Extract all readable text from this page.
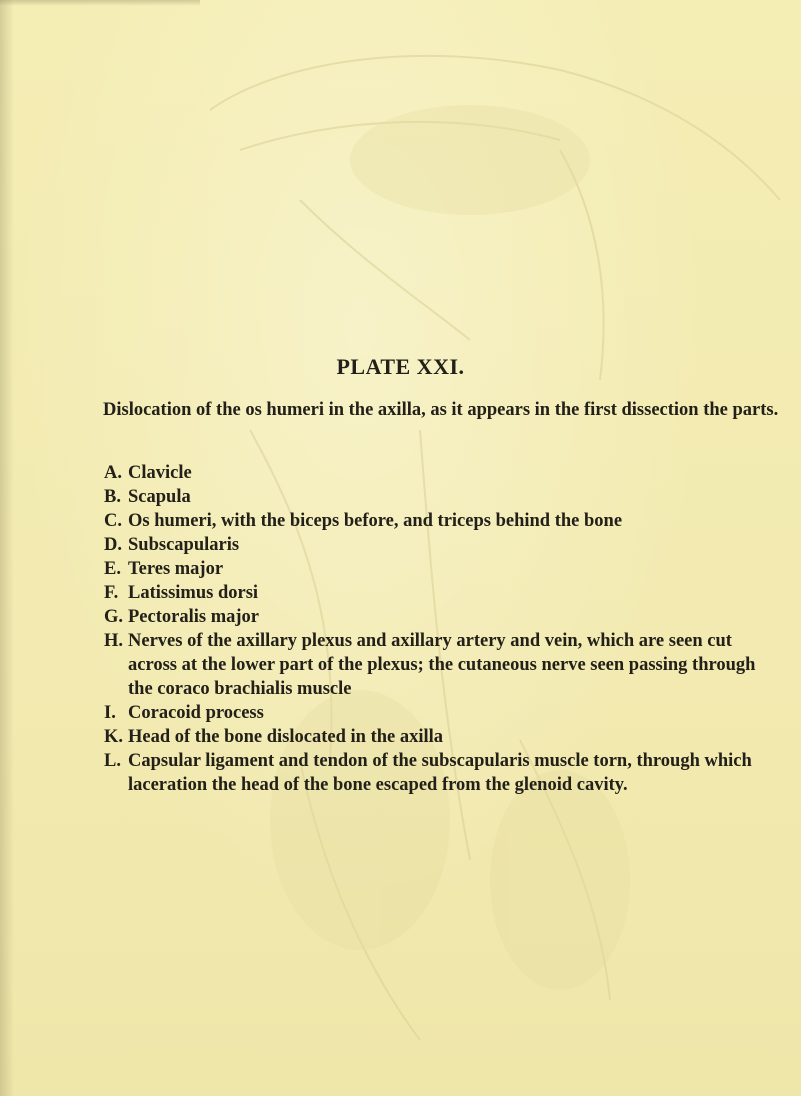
PLATE XXI.

Dislocation of the os humeri in the axilla, as it appears in the first dissection the parts.

A. Clavicle
B. Scapula
C. Os humeri, with the biceps before, and triceps behind the bone
D. Subscapularis
E. Teres major
F. Latissimus dorsi
G. Pectoralis major
H. Nerves of the axillary plexus and axillary artery and vein, which are seen cut across at the lower part of the plexus; the cutaneous nerve seen passing through the coraco brachialis muscle
I. Coracoid process
K. Head of the bone dislocated in the axilla
L. Capsular ligament and tendon of the subscapularis muscle torn, through which laceration the head of the bone escaped from the glenoid cavity.
